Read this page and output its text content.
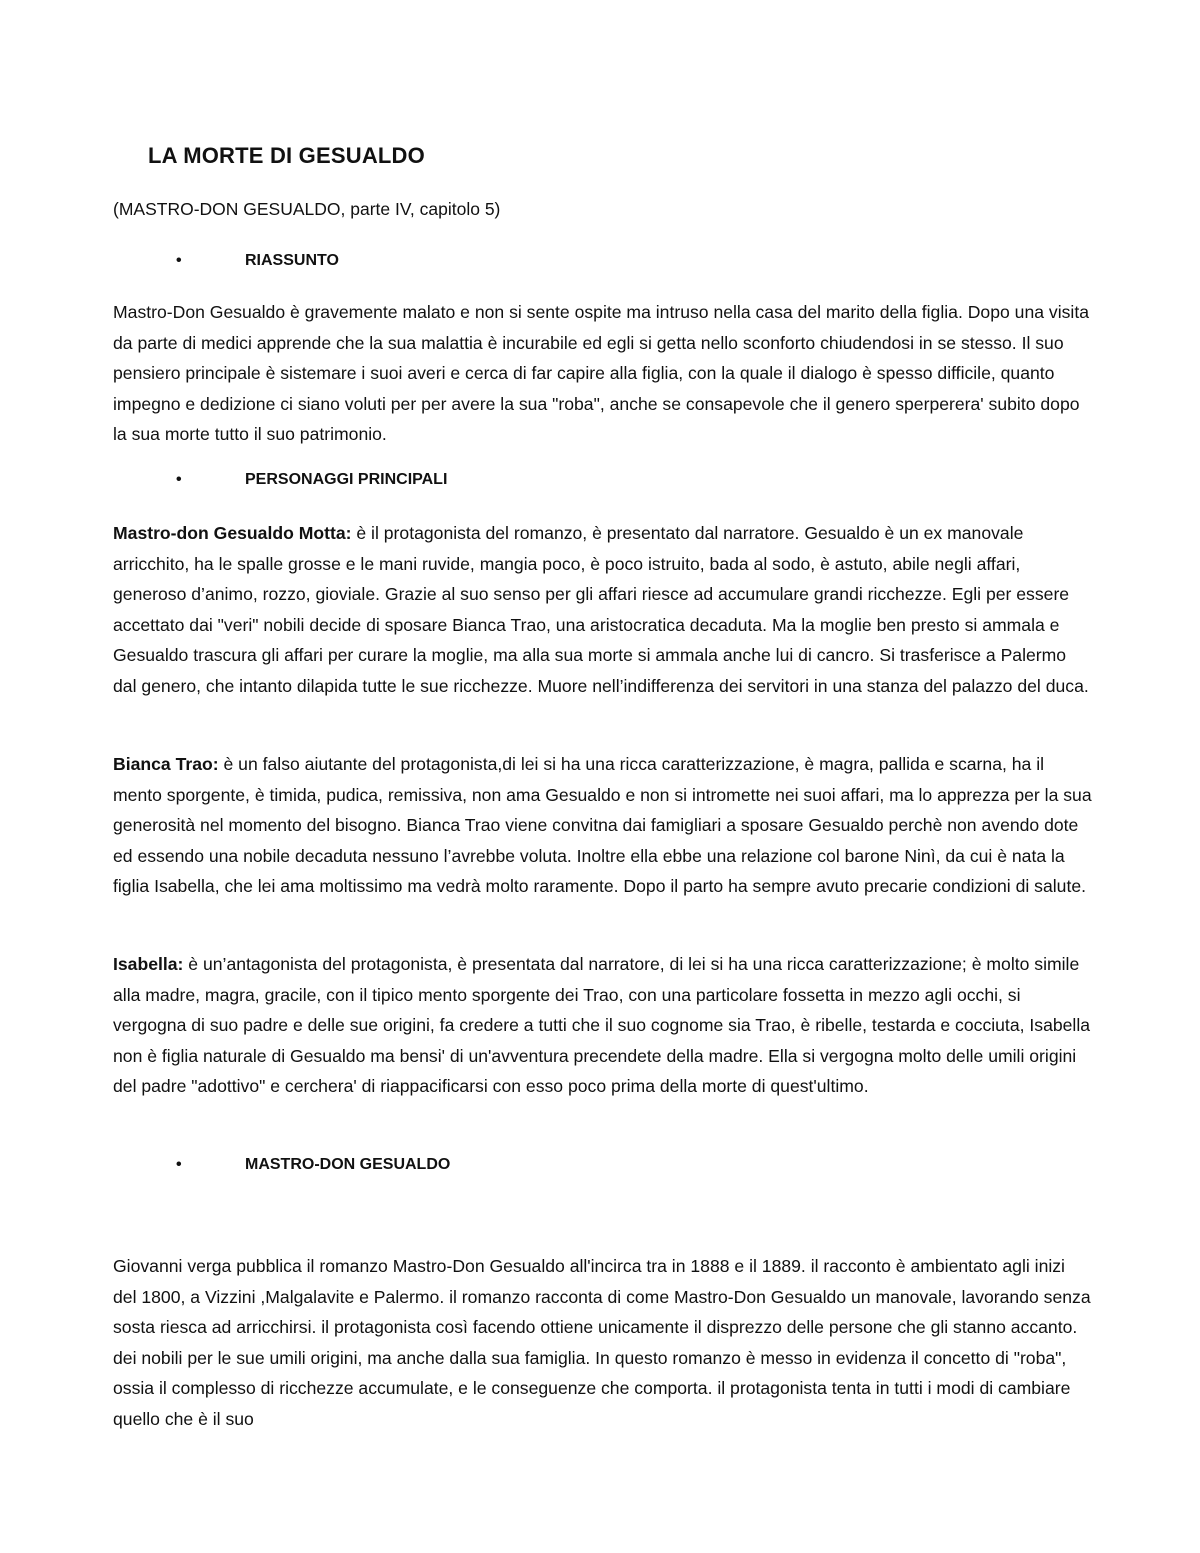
LA MORTE DI GESUALDO

(MASTRO-DON GESUALDO, parte IV, capitolo 5)

•	RIASSUNTO

Mastro-Don Gesualdo è gravemente malato e non si sente ospite ma intruso nella casa del marito della figlia. Dopo una visita da parte di medici apprende che la sua malattia è incurabile ed egli si getta nello sconforto chiudendosi in se stesso. Il suo pensiero principale è sistemare i suoi averi e cerca di far capire alla figlia, con la quale il dialogo è spesso difficile, quanto impegno e dedizione ci siano voluti per per avere la sua "roba", anche se consapevole che il genero sperperera' subito dopo la sua morte tutto il suo patrimonio.

•	PERSONAGGI PRINCIPALI

Mastro-don Gesualdo Motta: è il protagonista del romanzo, è presentato dal narratore. Gesualdo è un ex manovale arricchito, ha le spalle grosse e le mani ruvide, mangia poco, è poco istruito, bada al sodo, è astuto, abile negli affari, generoso d’animo, rozzo, gioviale. Grazie al suo senso per gli affari riesce ad accumulare grandi ricchezze. Egli per essere accettato dai "veri" nobili decide di sposare Bianca Trao, una aristocratica decaduta. Ma la moglie ben presto si ammala e Gesualdo trascura gli affari per curare la moglie, ma alla sua morte si ammala anche lui di cancro. Si trasferisce a Palermo dal genero, che intanto dilapida tutte le sue ricchezze. Muore nell’indifferenza dei servitori in una stanza del palazzo del duca.

Bianca Trao: è un falso aiutante del protagonista,di lei si ha una ricca caratterizzazione, è magra, pallida e scarna, ha il mento sporgente, è timida, pudica, remissiva, non ama Gesualdo e non si intromette nei suoi affari, ma lo apprezza per la sua generosità nel momento del bisogno. Bianca Trao viene convitna dai famigliari a sposare Gesualdo perchè non avendo dote ed essendo una nobile decaduta nessuno l’avrebbe voluta. Inoltre ella ebbe una relazione col barone Ninì, da cui è nata la figlia Isabella, che lei ama moltissimo ma vedrà molto raramente. Dopo il parto ha sempre avuto precarie condizioni di salute.

Isabella: è un’antagonista del protagonista, è presentata dal narratore, di lei si ha una ricca caratterizzazione; è molto simile alla madre, magra, gracile, con il tipico mento sporgente dei Trao, con una particolare fossetta in mezzo agli occhi, si vergogna di suo padre e delle sue origini, fa credere a tutti che il suo cognome sia Trao, è ribelle, testarda e cocciuta, Isabella non è figlia naturale di Gesualdo ma bensi' di un'avventura precendete della madre. Ella si vergogna molto delle umili origini del padre "adottivo" e cerchera' di riappacificarsi con esso poco prima della morte di quest'ultimo.

•	MASTRO-DON GESUALDO

Giovanni verga pubblica il romanzo Mastro-Don Gesualdo all'incirca tra in 1888 e il 1889. il racconto è ambientato agli inizi del 1800, a Vizzini ,Malgalavite e Palermo. il romanzo racconta di come Mastro-Don Gesualdo un manovale, lavorando senza sosta riesca ad arricchirsi. il protagonista così facendo ottiene unicamente il disprezzo delle persone che gli stanno accanto. dei nobili per le sue umili origini, ma anche dalla sua famiglia. In questo romanzo è messo in evidenza il concetto di "roba", ossia il complesso di ricchezze accumulate, e le conseguenze che comporta. il protagonista tenta in tutti i modi di cambiare quello che è il suo
